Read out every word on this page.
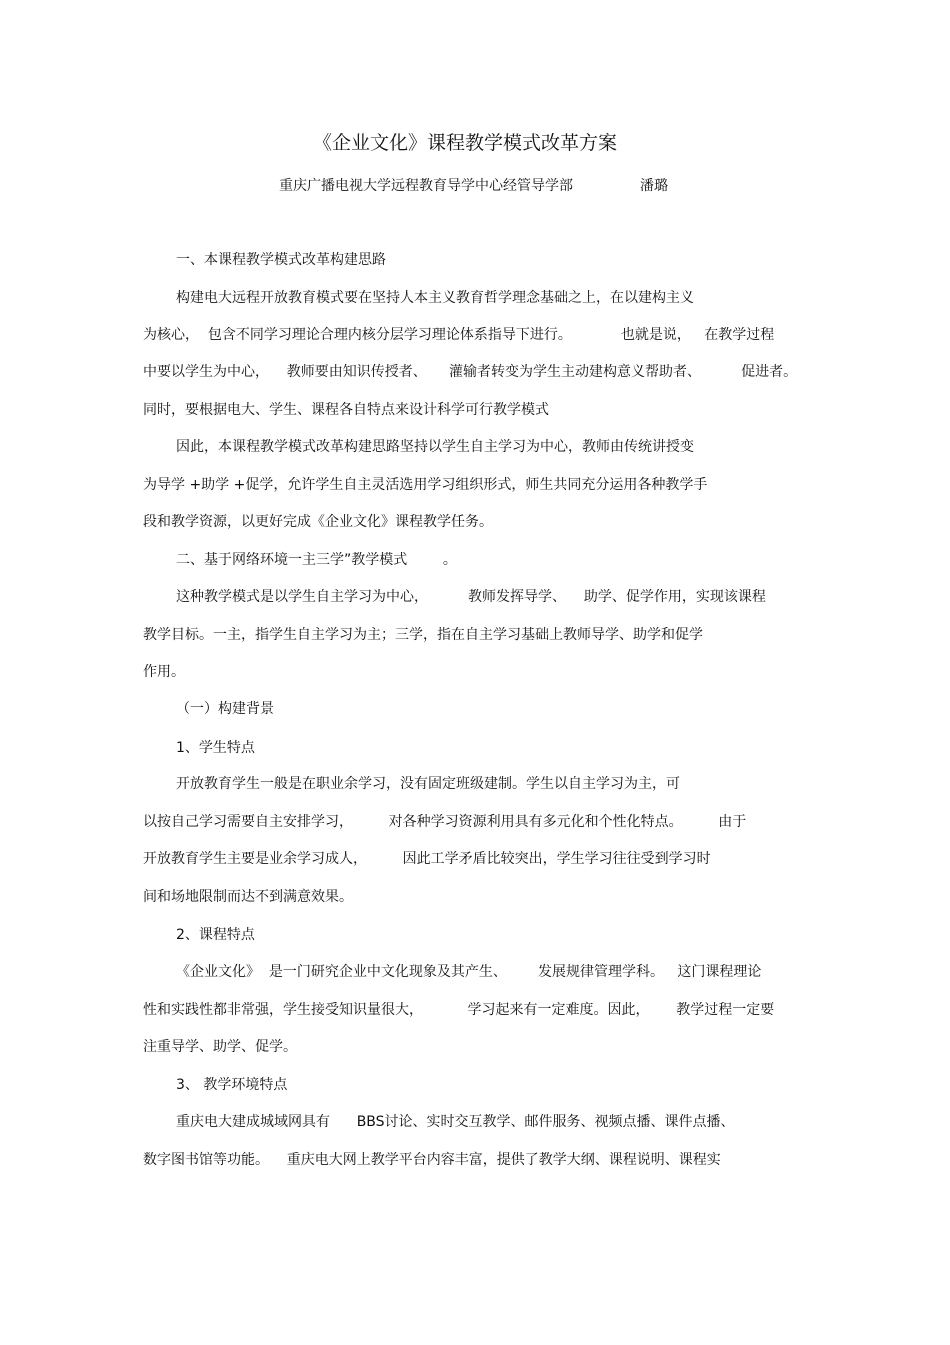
《企业文化》课程教学模式改革方案
重庆广播电视大学远程教育导学中心经管导学部	潘璐
一、本课程教学模式改革构建思路
构建电大远程开放教育模式要在坚持人本主义教育哲学理念基础之上，在以建构主义
为核心，  包含不同学习理论合理内核分层学习理论体系指导下进行。           也就是说，   在教学过程
中要以学生为中心，    教师要由知识传授者、     灌输者转变为学生主动建构意义帮助者、         促进者。
同时，要根据电大、学生、课程各自特点来设计科学可行教学模式
因此，本课程教学模式改革构建思路坚持以学生自主学习为中心，教师由传统讲授变
为导学 +助学 +促学，允许学生自主灵活选用学习组织形式，师生共同充分运用各种教学手
段和教学资源，以更好完成《企业文化》课程教学任务。
二、基于网络环境一主三学”教学模式        。
这种教学模式是以学生自主学习为中心，         教师发挥导学、    助学、促学作用，实现该课程
教学目标。一主，指学生自主学习为主；三学，指在自主学习基础上教师导学、助学和促学
作用。
（一）构建背景
1、学生特点
开放教育学生一般是在职业余学习，没有固定班级建制。学生以自主学习为主，可
以按自己学习需要自主安排学习，        对各种学习资源利用具有多元化和个性化特点。        由于
开放教育学生主要是业余学习成人，        因此工学矛盾比较突出，学生学习往往受到学习时
间和场地限制而达不到满意效果。
2、课程特点
《企业文化》  是一门研究企业中文化现象及其产生、       发展规律管理学科。   这门课程理论
性和实践性都非常强，学生接受知识量很大，          学习起来有一定难度。因此，      教学过程一定要
注重导学、助学、促学。
3、 教学环境特点
重庆电大建成城域网具有      BBS讨论、实时交互教学、邮件服务、视频点播、课件点播、
数字图书馆等功能。    重庆电大网上教学平台内容丰富，提供了教学大纲、课程说明、课程实
